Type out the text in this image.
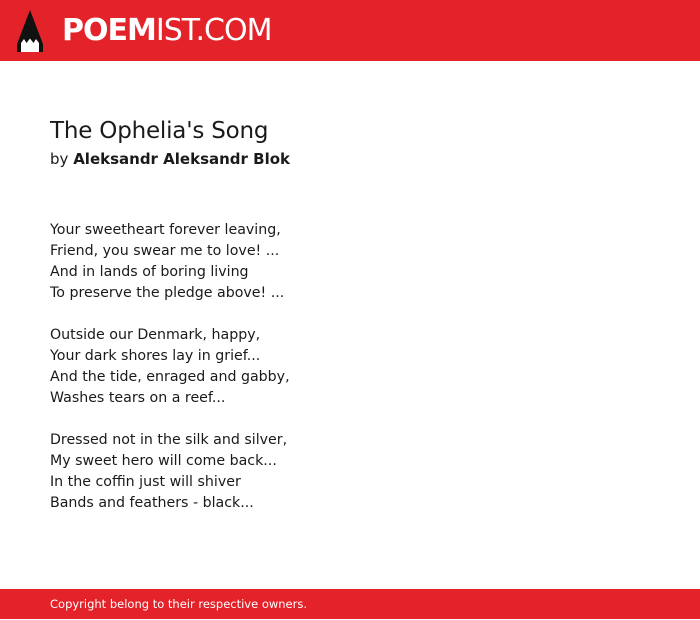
POEMIST.COM
The Ophelia's Song
by Aleksandr Aleksandr Blok
Your sweetheart forever leaving,
Friend, you swear me to love! ...
And in lands of boring living
To preserve the pledge above! ...
Outside our Denmark, happy,
Your dark shores lay in grief...
And the tide, enraged and gabby,
Washes tears on a reef...
Dressed not in the silk and silver,
My sweet hero will come back...
In the coffin just will shiver
Bands and feathers - black...
Copyright belong to their respective owners.
